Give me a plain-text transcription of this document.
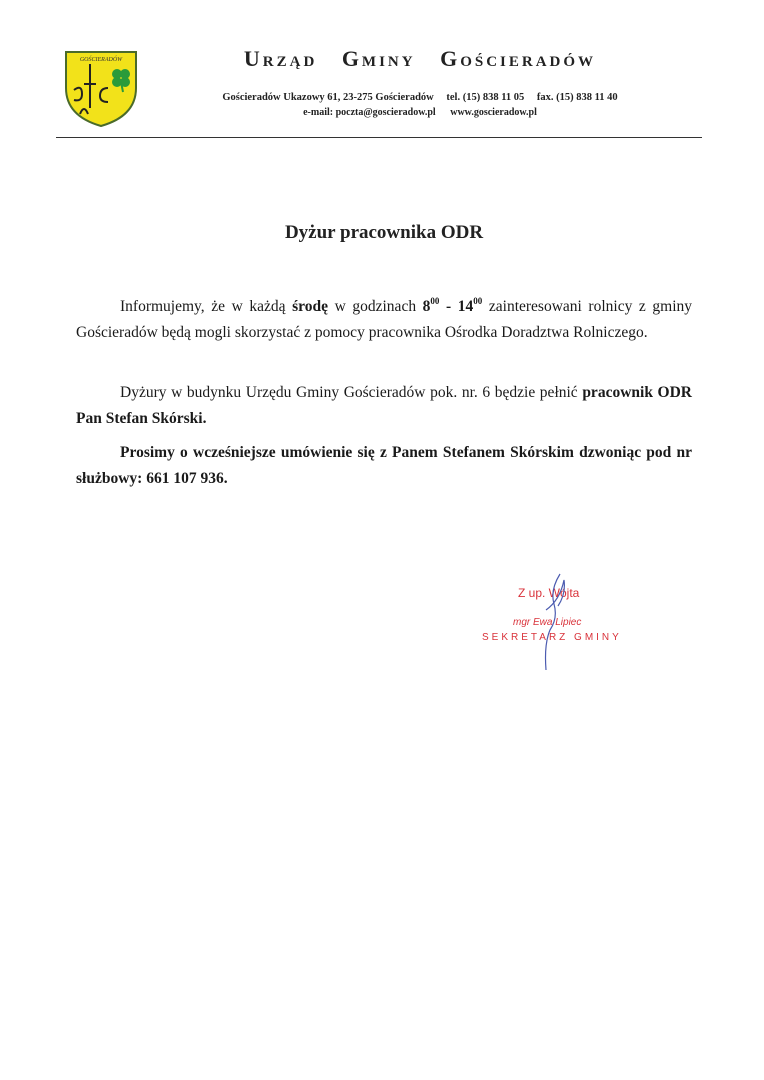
GOŚCIERADÓW	Urząd Gminy Gościeradów
Gościeradów Ukazowy 61, 23-275 Gościeradów tel. (15) 838 11 05 fax. (15) 838 11 40
e-mail: poczta@goscieradow.pl www.goscieradow.pl
Dyżur pracownika ODR
Informujemy, że w każdą środę w godzinach $8^{00} - 14^{00}$ zainteresowani rolnicy z gminy Gościeradów będą mogli skorzystać z pomocy pracownika Ośrodka Doradztwa Rolniczego.
Dyżury w budynku Urzędu Gminy Gościeradów pok. nr. 6 będzie pełnić pracownik ODR Pan Stefan Skórski.
Prosimy o wcześniejsze umówienie się z Panem Stefanem Skórskim dzwoniąc pod nr służbowy: 661 107 936.
Z up. Wójta
mgr Ewa Lipiec
SEKRETARZ GMINY
